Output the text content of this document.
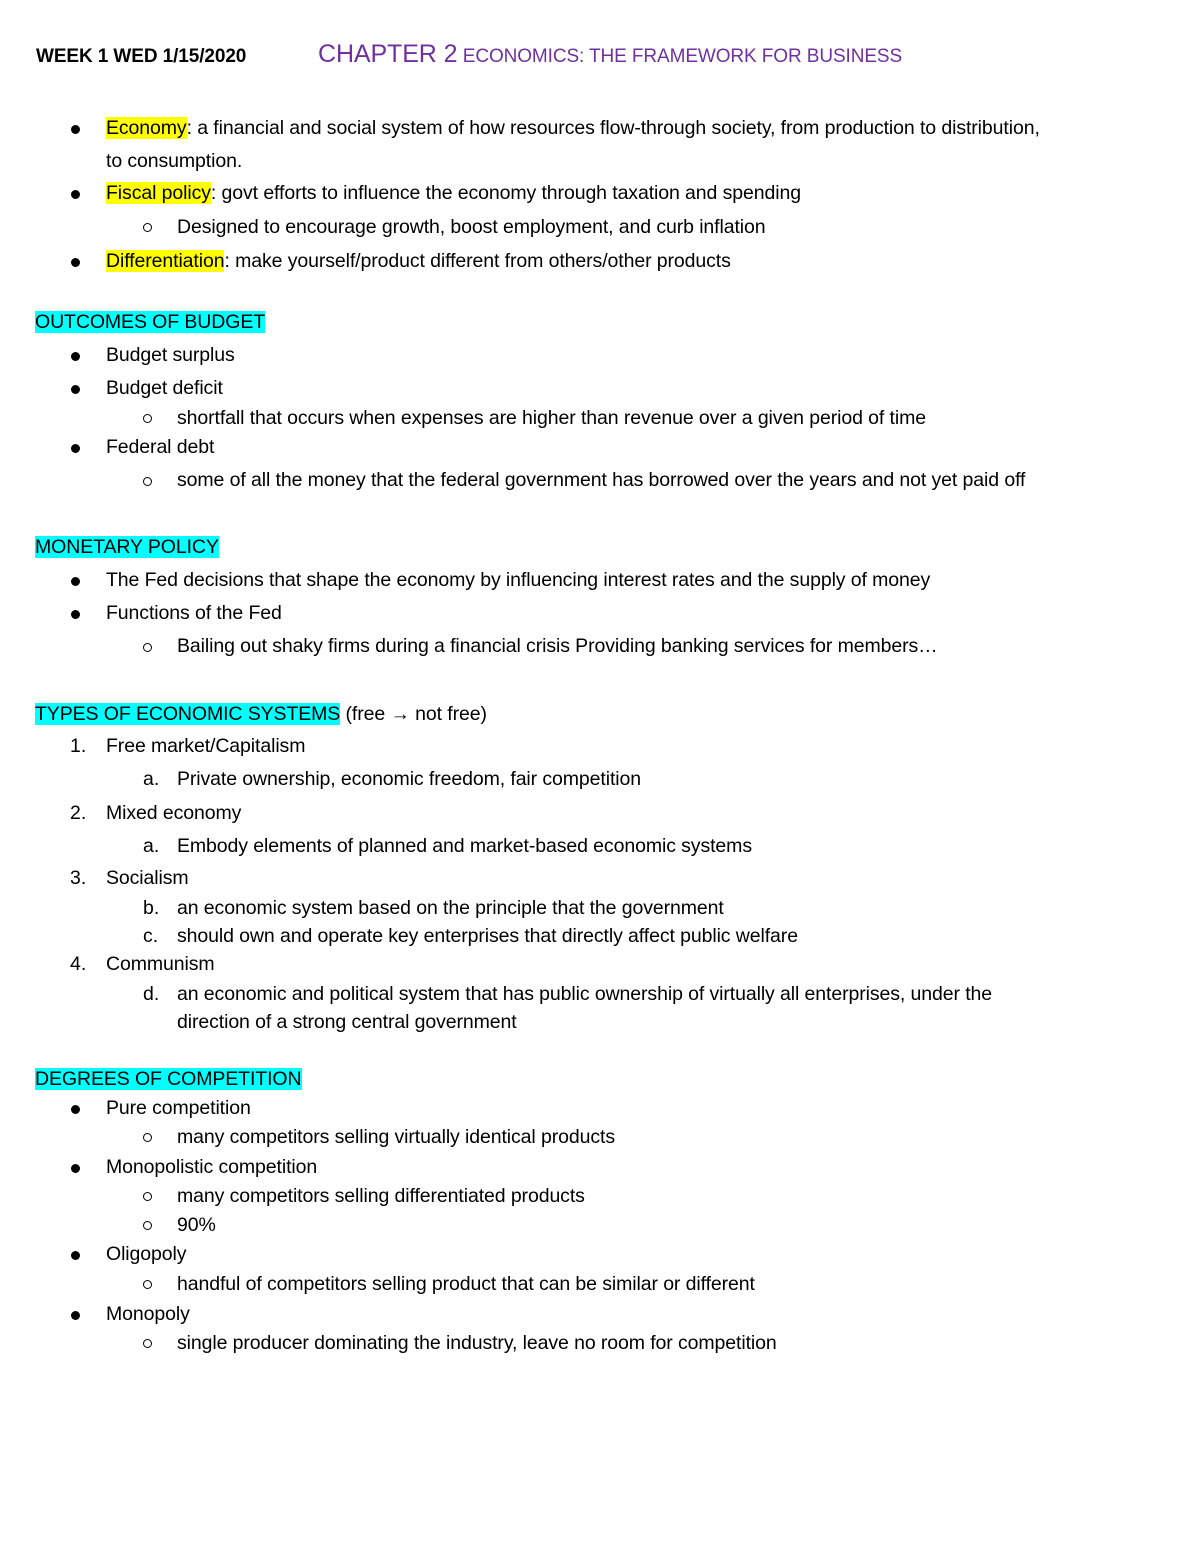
WEEK 1 WED 1/15/2020	CHAPTER 2 ECONOMICS: THE FRAMEWORK FOR BUSINESS
Economy: a financial and social system of how resources flow-through society, from production to distribution,
to consumption.
Fiscal policy: govt efforts to influence the economy through taxation and spending
Designed to encourage growth, boost employment, and curb inflation
Differentiation: make yourself/product different from others/other products
OUTCOMES OF BUDGET
Budget surplus
Budget deficit
shortfall that occurs when expenses are higher than revenue over a given period of time
Federal debt
some of all the money that the federal government has borrowed over the years and not yet paid off
MONETARY POLICY
The Fed decisions that shape the economy by influencing interest rates and the supply of money
Functions of the Fed
Bailing out shaky firms during a financial crisis Providing banking services for members…
TYPES OF ECONOMIC SYSTEMS (free → not free)
1. Free market/Capitalism
a. Private ownership, economic freedom, fair competition
2. Mixed economy
a. Embody elements of planned and market-based economic systems
3. Socialism
b. an economic system based on the principle that the government
c. should own and operate key enterprises that directly affect public welfare
4. Communism
d. an economic and political system that has public ownership of virtually all enterprises, under the
direction of a strong central government
DEGREES OF COMPETITION
Pure competition
many competitors selling virtually identical products
Monopolistic competition
many competitors selling differentiated products
90%
Oligopoly
handful of competitors selling product that can be similar or different
Monopoly
single producer dominating the industry, leave no room for competition
